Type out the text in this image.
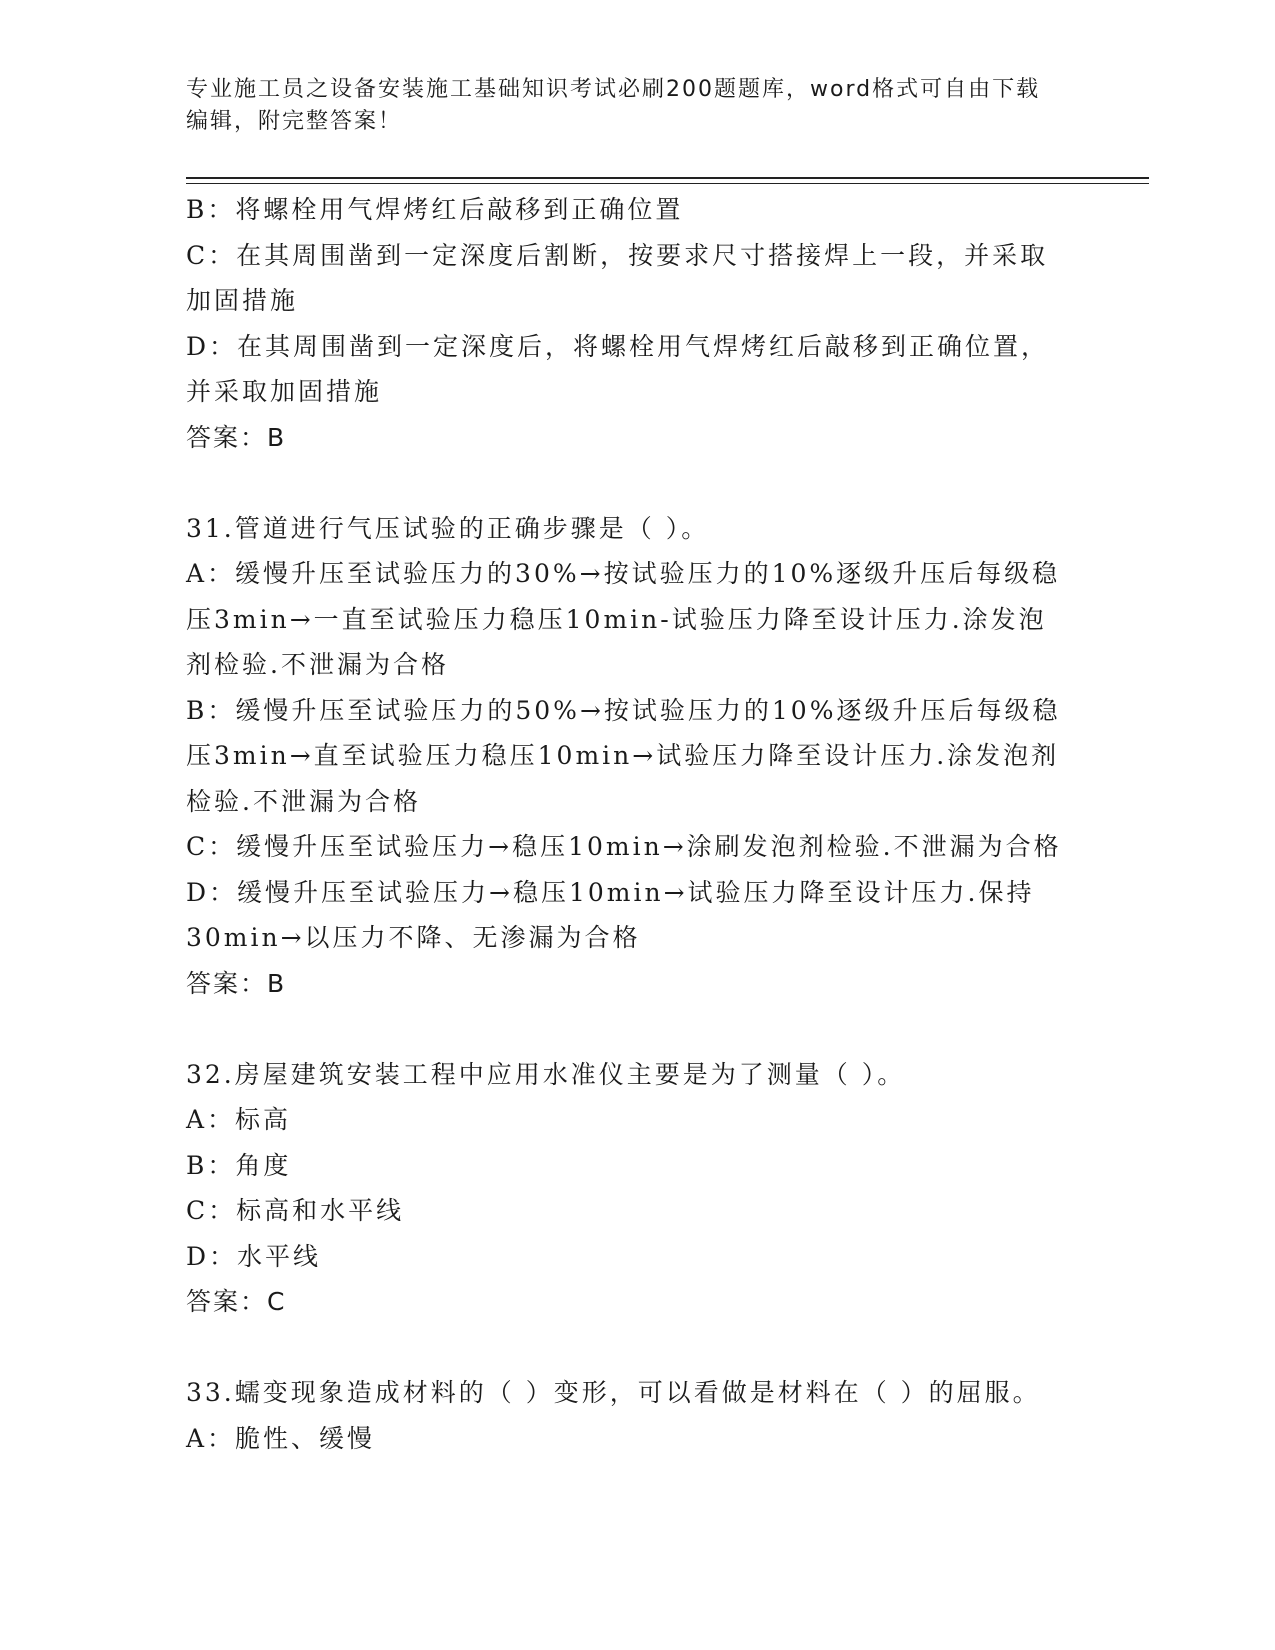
专业施工员之设备安装施工基础知识考试必刷200题题库，word格式可自由下载
编辑，附完整答案！
B：将螺栓用气焊烤红后敲移到正确位置
C：在其周围凿到一定深度后割断，按要求尺寸搭接焊上一段，并采取
加固措施
D：在其周围凿到一定深度后，将螺栓用气焊烤红后敲移到正确位置，
并采取加固措施
答案：B
31.管道进行气压试验的正确步骤是（ ）。
A：缓慢升压至试验压力的30%→按试验压力的10%逐级升压后每级稳
压3min→一直至试验压力稳压10min-试验压力降至设计压力.涂发泡
剂检验.不泄漏为合格
B：缓慢升压至试验压力的50%→按试验压力的10%逐级升压后每级稳
压3min→直至试验压力稳压10min→试验压力降至设计压力.涂发泡剂
检验.不泄漏为合格
C：缓慢升压至试验压力→稳压10min→涂刷发泡剂检验.不泄漏为合格
D：缓慢升压至试验压力→稳压10min→试验压力降至设计压力.保持
30min→以压力不降、无渗漏为合格
答案：B
32.房屋建筑安装工程中应用水准仪主要是为了测量（ ）。
A：标高
B：角度
C：标高和水平线
D：水平线
答案：C
33.蠕变现象造成材料的（ ）变形，可以看做是材料在（ ）的屈服。
A：脆性、缓慢
